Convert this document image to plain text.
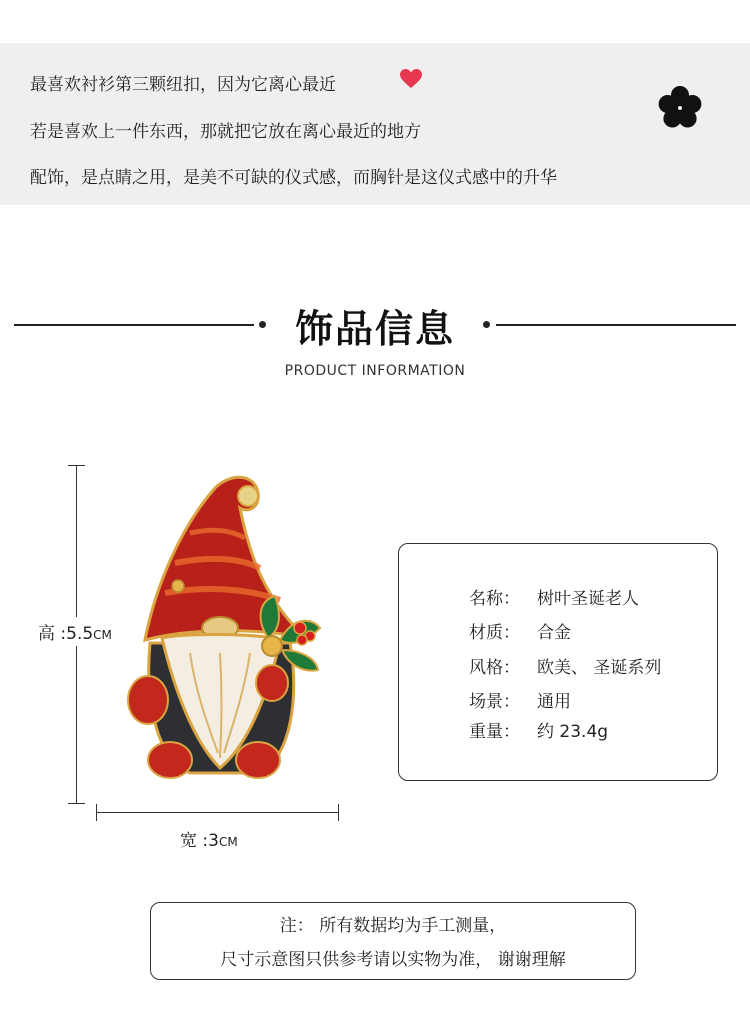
最喜欢衬衫第三颗纽扣，因为它离心最近
若是喜欢上一件东西，那就把它放在离心最近的地方
配饰，是点睛之用，是美不可缺的仪式感，而胸针是这仪式感中的升华
饰品信息
PRODUCT INFORMATION
高 :5.5CM
宽 :3CM
名称： 树叶圣诞老人
材质： 合金
风格： 欧美、 圣诞系列
场景： 通用
重量： 约 23.4g
注： 所有数据均为手工测量，
尺寸示意图只供参考请以实物为准， 谢谢理解
